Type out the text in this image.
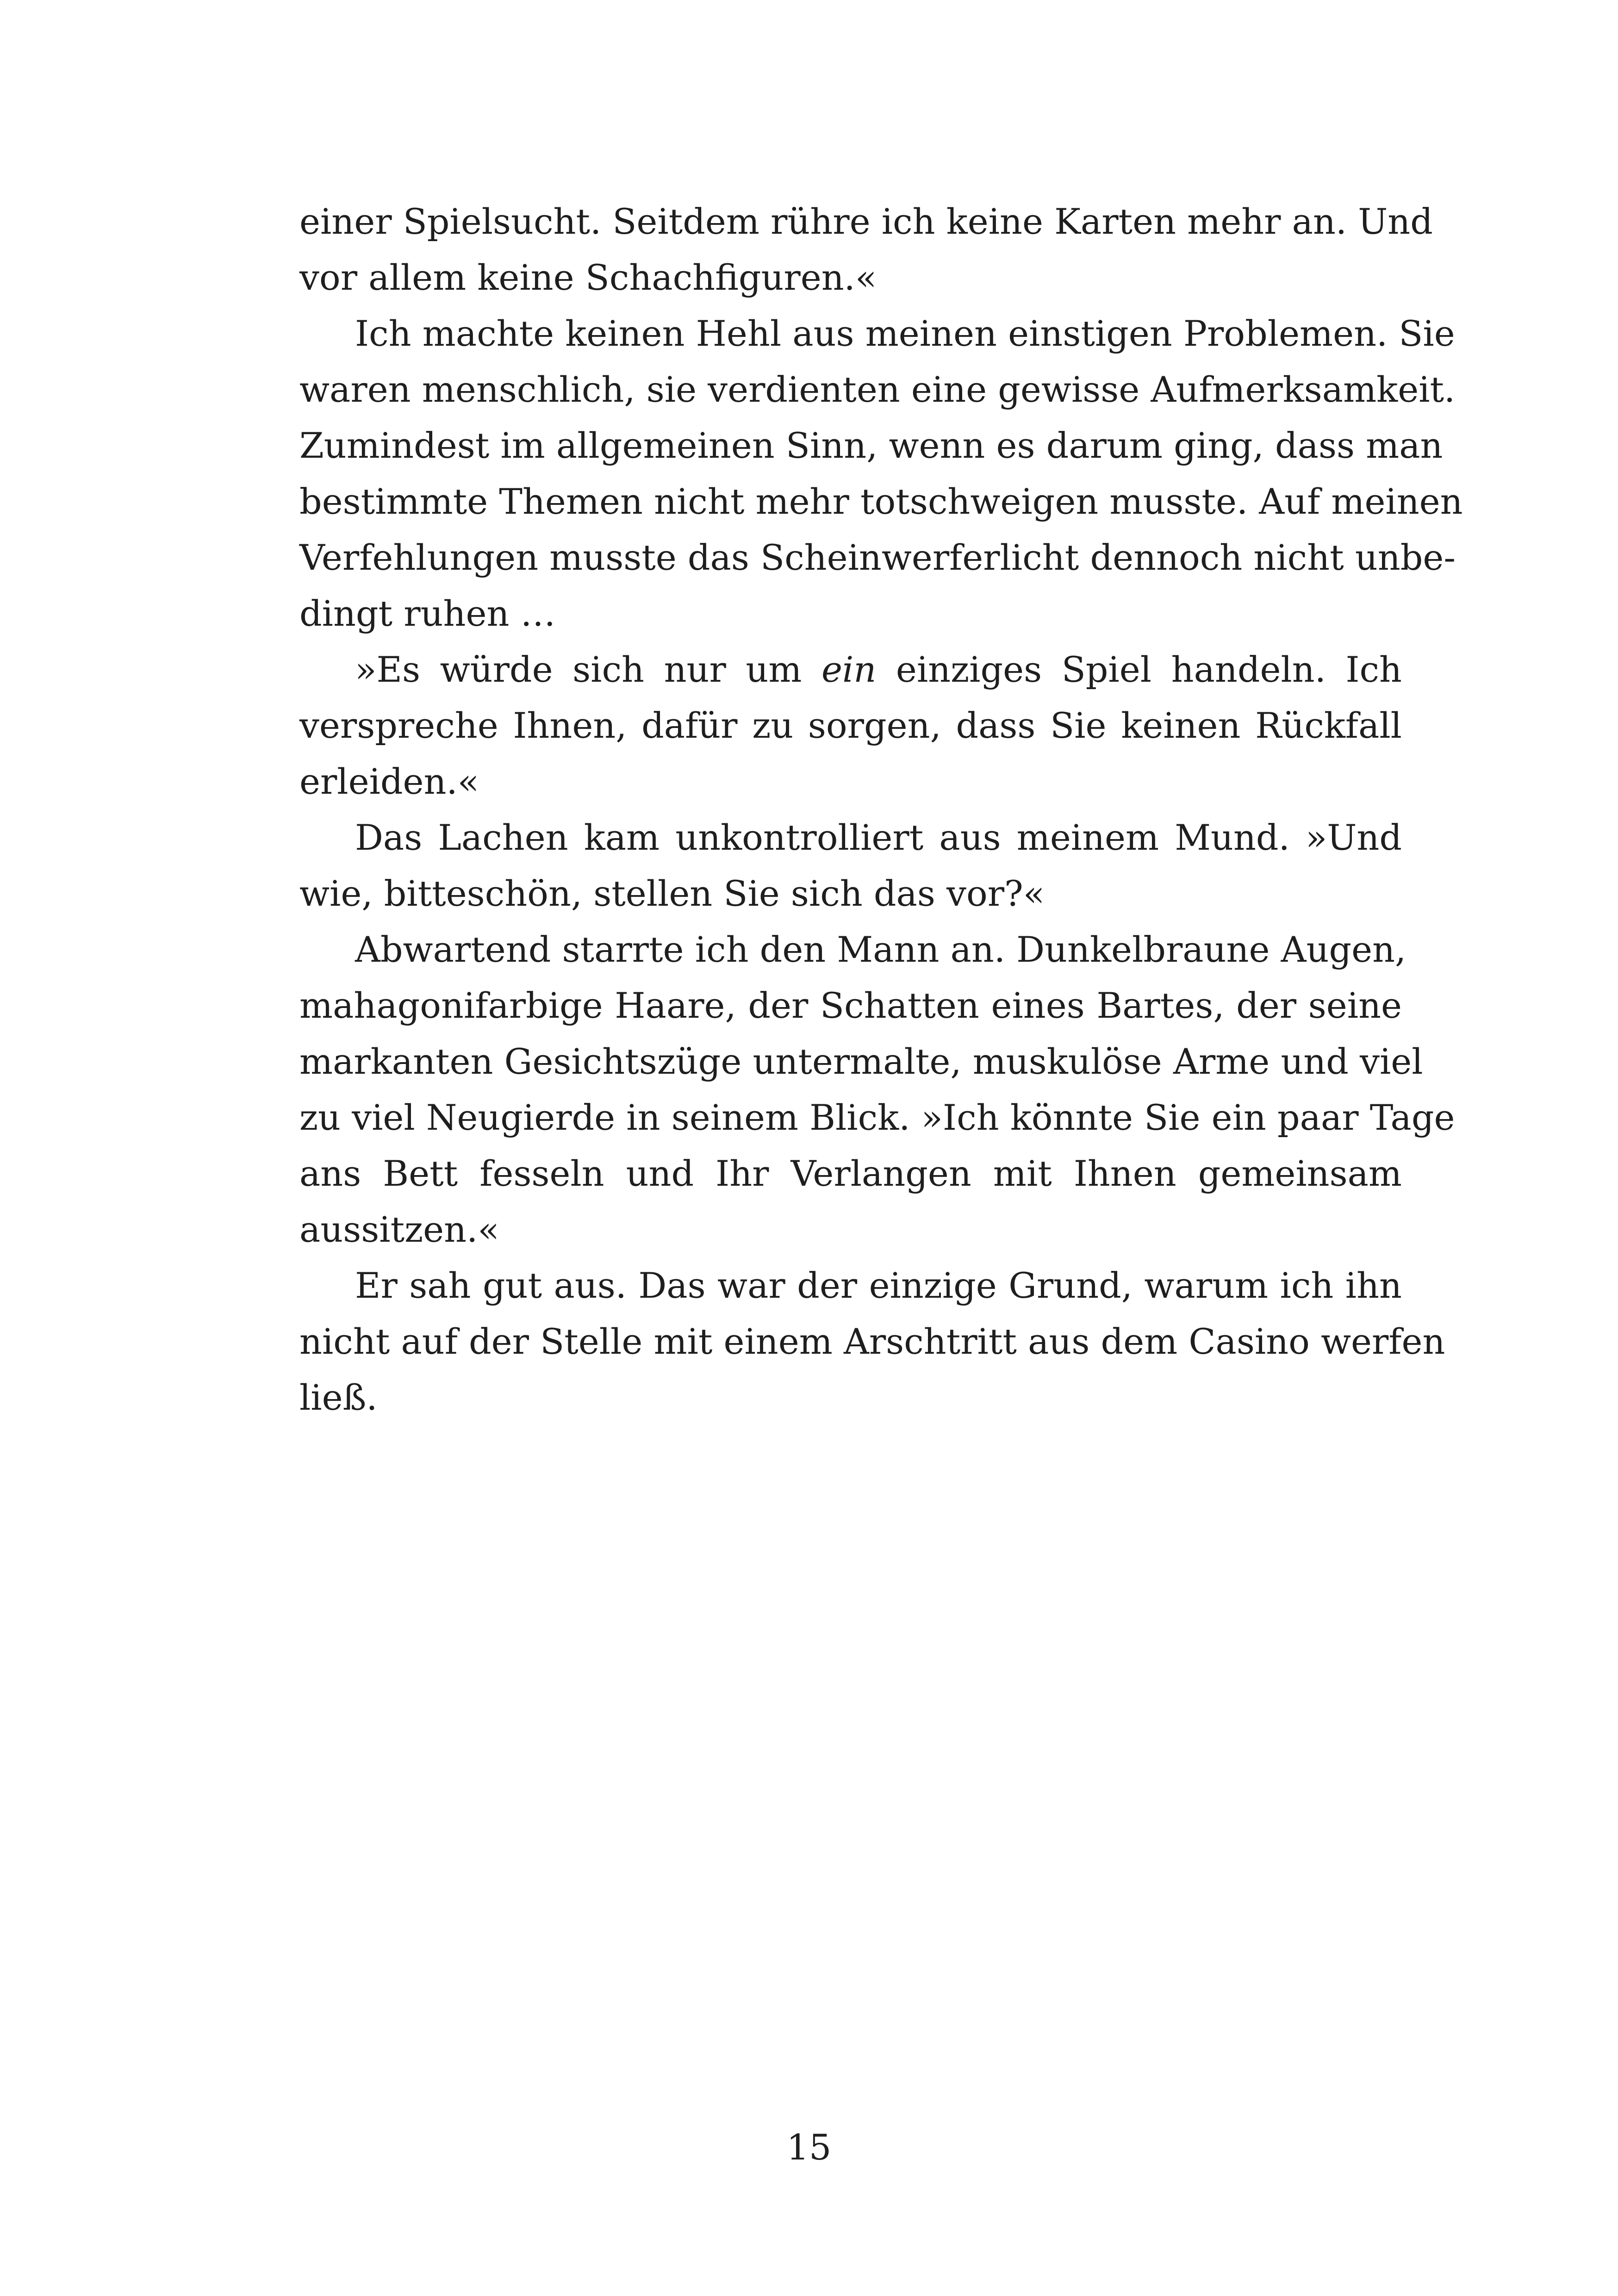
einer Spielsucht. Seitdem rühre ich keine Karten mehr an. Und
vor allem keine Schachfiguren.«
Ich machte keinen Hehl aus meinen einstigen Problemen. Sie
waren menschlich, sie verdienten eine gewisse Aufmerksamkeit.
Zumindest im allgemeinen Sinn, wenn es darum ging, dass man
bestimmte Themen nicht mehr totschweigen musste. Auf meinen
Verfehlungen musste das Scheinwerferlicht dennoch nicht unbe-
dingt ruhen …
»Es würde sich nur um ein einziges Spiel handeln. Ich
verspreche Ihnen, dafür zu sorgen, dass Sie keinen Rückfall
erleiden.«
Das Lachen kam unkontrolliert aus meinem Mund. »Und
wie, bitteschön, stellen Sie sich das vor?«
Abwartend starrte ich den Mann an. Dunkelbraune Augen,
mahagonifarbige Haare, der Schatten eines Bartes, der seine
markanten Gesichtszüge untermalte, muskulöse Arme und viel
zu viel Neugierde in seinem Blick. »Ich könnte Sie ein paar Tage
ans Bett fesseln und Ihr Verlangen mit Ihnen gemeinsam
aussitzen.«
Er sah gut aus. Das war der einzige Grund, warum ich ihn
nicht auf der Stelle mit einem Arschtritt aus dem Casino werfen
ließ.
15
